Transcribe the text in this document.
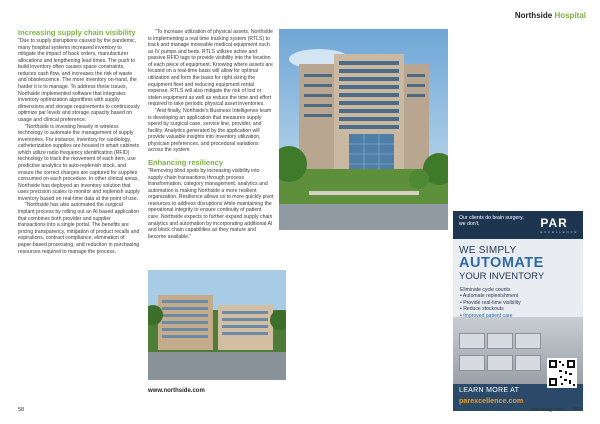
Northside Hospital
Increasing supply chain visibility

"Due to supply disruptions caused by the pandemic, many hospital systems increased inventory to mitigate the impact of back orders, manufacturer allocations and lengthening lead times. The push to build inventory often causes space constraints, reduces cash flow, and increases the risk of waste and obsolescence. The more inventory on-hand, the harder it is to manage. To address these issues, Northside implemented software that integrates inventory optimization algorithms with supply dimensions and storage requirements to continuously optimize par levels and storage capacity based on usage and clinical preference.

"Northside is investing heavily in wireless technology to automate the management of supply inventories. For instance, inventory for cardiology, catheterization supplies are housed in smart cabinets which utilize radio frequency identification (RFID) technology to track the movement of each item, use predictive analytics to auto-replenish stock, and ensure the correct charges are captured for supplies consumed on each procedure. In other clinical areas, Northside has deployed an inventory solution that uses precision scales to monitor and replenish supply inventory based on real-time data at the point of use.

"Northside has also automated the surgical implant process by rolling out an AI based application that combines both provider and supplier transactions into a single portal. The benefits are pricing transparency, mitigation of product recalls and expirations, contract compliance, elimination of paper-based processing, and reduction in purchasing resources required to manage the process.

"To increase utilization of physical assets, Northside is implementing a real time tracking system (RTLS) to track and manage moveable medical equipment such as IV pumps and beds. RTLS utilizes active and passive RFID tags to provide visibility into the location of each piece of equipment. Knowing where assets are located on a real-time basis will allow for optimal utilization and form the basis for right sizing the equipment fleet and reducing equipment rental expense. RTLS will also mitigate the risk of lost or stolen equipment as well as reduce the time and effort required to take periodic physical asset inventories.

"And finally, Northside's Business Intelligence team is developing an application that measures supply spend by surgical case, service line, provider, and facility. Analytics generated by the application will provide valuable insights into inventory utilization, physician preferences, and procedural variations across the system.

Enhancing resiliency

"Removing blind spots by increasing visibility into supply chain transactions through process transformation, category management, analytics and automation is making Northside a more resilient organization. Resilience allows us to more quickly pivot resources to address disruptions while maintaining the operational integrity to ensure continuity of patient care. Northside expects to further expand supply chain analytics and automation by incorporating additional AI and block chain capabilities as they mature and become available."

Our clients do brain surgery, we don't.	PAR
E X C E L L E N C E
WE SIMPLY
AUTOMATE
YOUR INVENTORY
Eliminate cycle counts
• Automate replenishment
• Provide real-time visibility
• Reduce stockouts
• Improved patient care
LEARN MORE AT
parexcellence.com
www.northside.com
58	scw-mag.com 59
